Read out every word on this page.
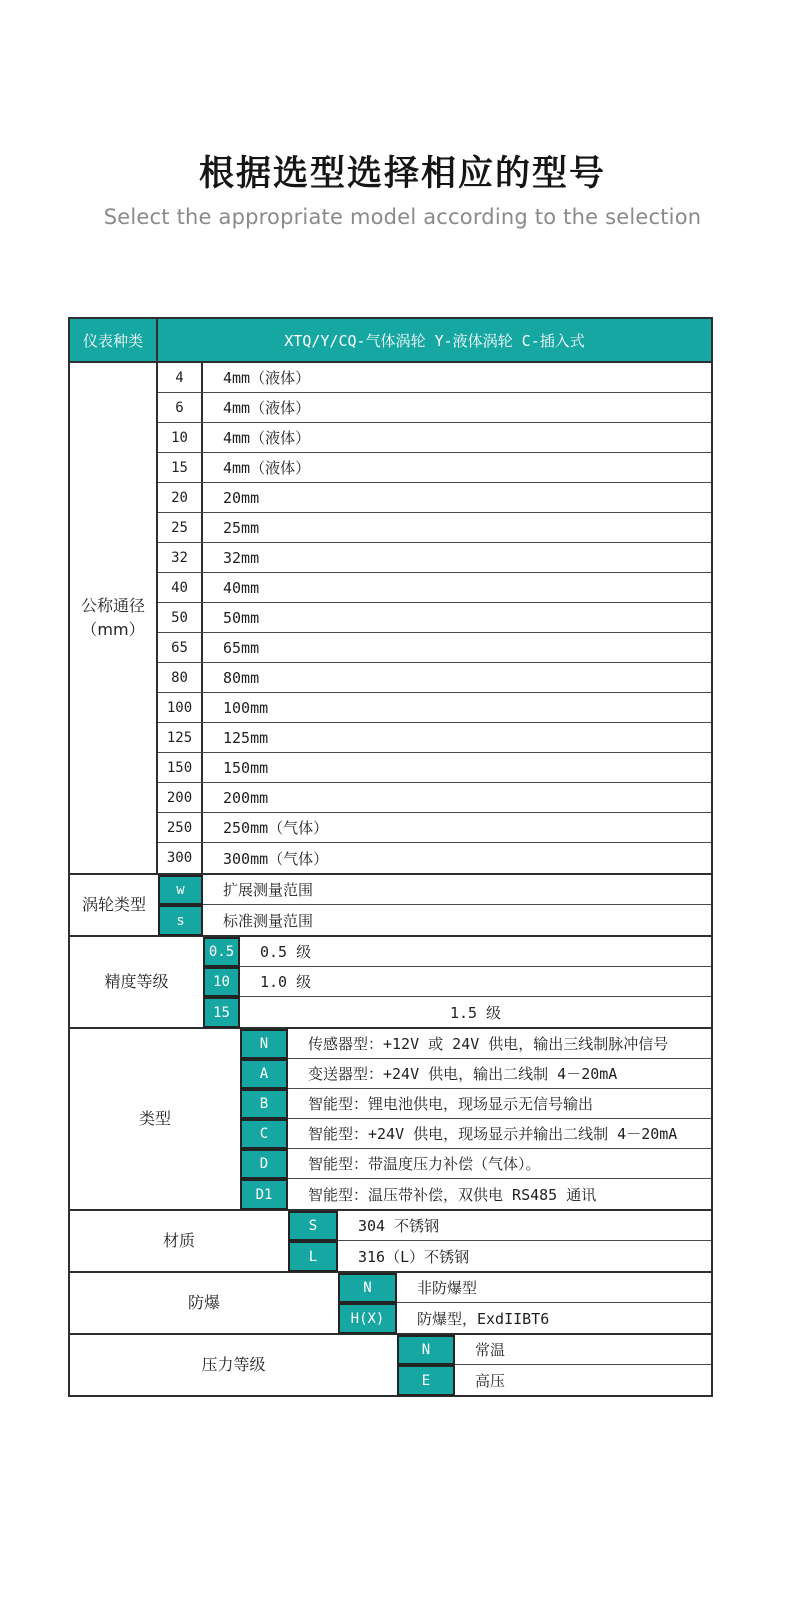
根据选型选择相应的型号
Select the appropriate model according to the selection
仪表种类	XTQ/Y/CQ-气体涡轮 Y-液体涡轮 C-插入式
公称通径
（mm）
4	4mm（液体）
6	4mm（液体）
10	4mm（液体）
15	4mm（液体）
20	20mm
25	25mm
32	32mm
40	40mm
50	50mm
65	65mm
80	80mm
100	100mm
125	125mm
150	150mm
200	200mm
250	250mm（气体）
300	300mm（气体）
涡轮类型
w	扩展测量范围
s	标准测量范围
精度等级
0.5	0.5 级
10	1.0 级
15	1.5 级
类型
N	传感器型：+12V 或 24V 供电，输出三线制脉冲信号
A	变送器型：+24V 供电，输出二线制 4－20mA
B	智能型：锂电池供电，现场显示无信号输出
C	智能型：+24V 供电，现场显示并输出二线制 4－20mA
D	智能型：带温度压力补偿（气体）。
D1	智能型：温压带补偿，双供电 RS485 通讯
材质
S	304 不锈钢
L	316（L）不锈钢
防爆
N	非防爆型
H(X)	防爆型，ExdIIBT6
压力等级
N	常温
E	高压
